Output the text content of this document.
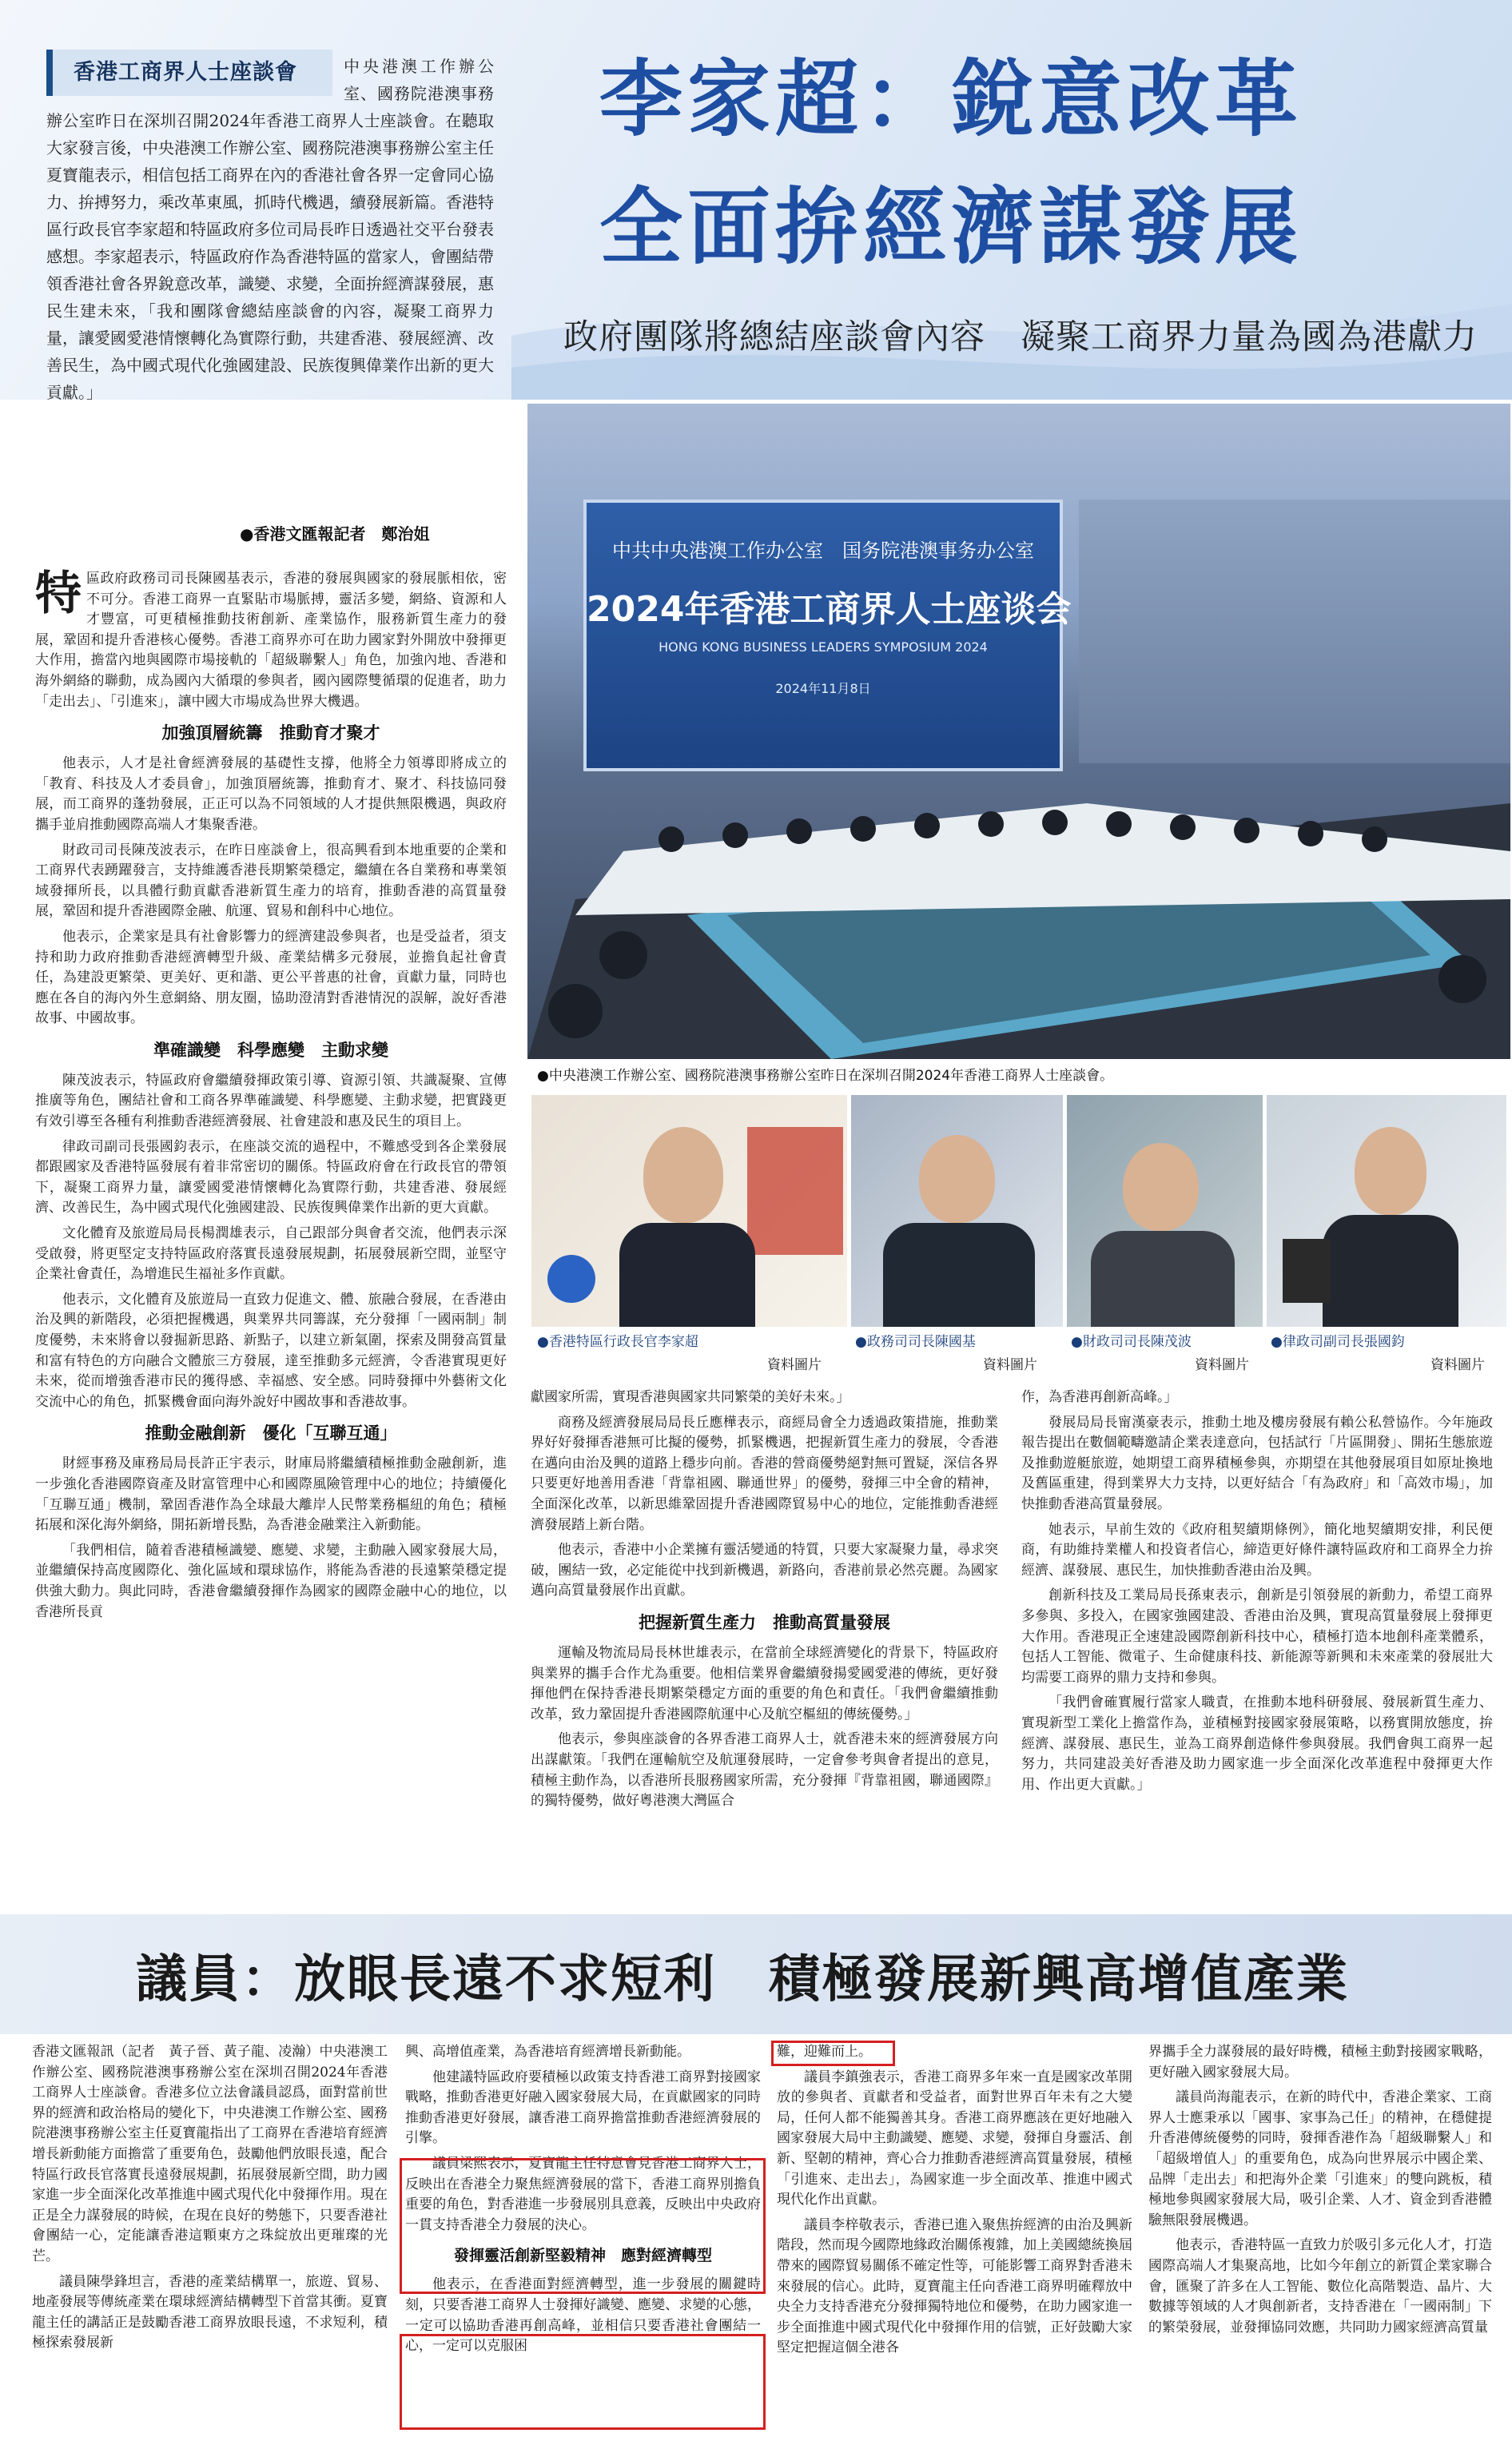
香港工商界人士座談會	中央港澳工作辦公室、國務院港澳事務辦公室昨日在深圳召開2024年香港工商界人士座談會。在聽取大家發言後，中央港澳工作辦公室、國務院港澳事務辦公室主任夏寶龍表示，相信包括工商界在內的香港社會各界一定會同心協力、拚搏努力，乘改革東風，抓時代機遇，續發展新篇。香港特區行政長官李家超和特區政府多位司局長昨日透過社交平台發表感想。李家超表示，特區政府作為香港特區的當家人，會團結帶領香港社會各界銳意改革，識變、求變，全面拚經濟謀發展，惠民生建未來，「我和團隊會總結座談會的內容，凝聚工商界力量，讓愛國愛港情懷轉化為實際行動，共建香港、發展經濟、改善民生，為中國式現代化強國建設、民族復興偉業作出新的更大貢獻。」
●香港文匯報記者　鄭治姐
李家超：銳意改革
全面拚經濟謀發展
政府團隊將總結座談會內容　凝聚工商界力量為國為港獻力
中共中央港澳工作办公室　国务院港澳事务办公室
2024年香港工商界人士座谈会
HONG KONG BUSINESS LEADERS SYMPOSIUM 2024
2024年11月8日
●中央港澳工作辦公室、國務院港澳事務辦公室昨日在深圳召開2024年香港工商界人士座談會。
●香港特區行政長官李家超
資料圖片
●政務司司長陳國基
資料圖片
●財政司司長陳茂波
資料圖片
●律政司副司長張國鈞
資料圖片

特區政府政務司司長陳國基表示，香港的發展與國家的發展脈相依，密不可分。香港工商界一直緊貼市場脈搏，靈活多變，網絡、資源和人才豐富，可更積極推動技術創新、產業協作，服務新質生產力的發展，鞏固和提升香港核心優勢。香港工商界亦可在助力國家對外開放中發揮更大作用，擔當內地與國際市場接軌的「超級聯繫人」角色，加強內地、香港和海外網絡的聯動，成為國內大循環的參與者，國內國際雙循環的促進者，助力「走出去」、「引進來」，讓中國大市場成為世界大機遇。

加強頂層統籌　推動育才聚才

他表示，人才是社會經濟發展的基礎性支撐，他將全力領導即將成立的「教育、科技及人才委員會」，加強頂層統籌，推動育才、聚才、科技協同發展，而工商界的蓬勃發展，正正可以為不同領域的人才提供無限機遇，與政府攜手並肩推動國際高端人才集聚香港。

財政司司長陳茂波表示，在昨日座談會上，很高興看到本地重要的企業和工商界代表踴躍發言，支持維護香港長期繁榮穩定，繼續在各自業務和專業領域發揮所長，以具體行動貢獻香港新質生產力的培育，推動香港的高質量發展，鞏固和提升香港國際金融、航運、貿易和創科中心地位。

他表示，企業家是具有社會影響力的經濟建設參與者，也是受益者，須支持和助力政府推動香港經濟轉型升級、產業結構多元發展，並擔負起社會責任，為建設更繁榮、更美好、更和諧、更公平普惠的社會，貢獻力量，同時也應在各自的海內外生意網絡、朋友圈，協助澄清對香港情況的誤解，說好香港故事、中國故事。

準確識變　科學應變　主動求變

陳茂波表示，特區政府會繼續發揮政策引導、資源引領、共識凝聚、宣傳推廣等角色，團結社會和工商各界準確識變、科學應變、主動求變，把實踐更有效引導至各種有利推動香港經濟發展、社會建設和惠及民生的項目上。

律政司副司長張國鈞表示，在座談交流的過程中，不難感受到各企業發展都跟國家及香港特區發展有着非常密切的關係。特區政府會在行政長官的帶領下，凝聚工商界力量，讓愛國愛港情懷轉化為實際行動，共建香港、發展經濟、改善民生，為中國式現代化強國建設、民族復興偉業作出新的更大貢獻。

文化體育及旅遊局局長楊潤雄表示，自己跟部分與會者交流，他們表示深受啟發，將更堅定支持特區政府落實長遠發展規劃，拓展發展新空間，並堅守企業社會責任，為增進民生福祉多作貢獻。

他表示，文化體育及旅遊局一直致力促進文、體、旅融合發展，在香港由治及興的新階段，必須把握機遇，與業界共同籌謀，充分發揮「一國兩制」制度優勢，未來將會以發掘新思路、新點子，以建立新氣圍，探索及開發高質量和富有特色的方向融合文體旅三方發展，達至推動多元經濟，令香港實現更好未來，從而增強香港市民的獲得感、幸福感、安全感。同時發揮中外藝術文化交流中心的角色，抓緊機會面向海外說好中國故事和香港故事。

推動金融創新　優化「互聯互通」

財經事務及庫務局局長許正宇表示，財庫局將繼續積極推動金融創新，進一步強化香港國際資產及財富管理中心和國際風險管理中心的地位；持續優化「互聯互通」機制，鞏固香港作為全球最大離岸人民幣業務樞紐的角色；積極拓展和深化海外網絡，開拓新增長點，為香港金融業注入新動能。

「我們相信，隨着香港積極識變、應變、求變，主動融入國家發展大局，並繼續保持高度國際化、強化區域和環球協作，將能為香港的長遠繁榮穩定提供強大動力。與此同時，香港會繼續發揮作為國家的國際金融中心的地位，以香港所長貢

獻國家所需，實現香港與國家共同繁榮的美好未來。」

商務及經濟發展局局長丘應樺表示，商經局會全力透過政策措施，推動業界好好發揮香港無可比擬的優勢，抓緊機遇，把握新質生產力的發展，令香港在邁向由治及興的道路上穩步向前。香港的營商優勢絕對無可置疑，深信各界只要更好地善用香港「背靠祖國、聯通世界」的優勢，發揮三中全會的精神，全面深化改革，以新思維鞏固提升香港國際貿易中心的地位，定能推動香港經濟發展踏上新台階。

他表示，香港中小企業擁有靈活變通的特質，只要大家凝聚力量，尋求突破，團結一致，必定能從中找到新機遇，新路向，香港前景必然亮麗。為國家邁向高質量發展作出貢獻。

把握新質生產力　推動高質量發展

運輸及物流局局長林世雄表示，在當前全球經濟變化的背景下，特區政府與業界的攜手合作尤為重要。他相信業界會繼續發揚愛國愛港的傳統，更好發揮他們在保持香港長期繁榮穩定方面的重要的角色和責任。「我們會繼續推動改革，致力鞏固提升香港國際航運中心及航空樞紐的傳統優勢。」

他表示，參與座談會的各界香港工商界人士，就香港未來的經濟發展方向出謀獻策。「我們在運輸航空及航運發展時，一定會參考與會者提出的意見，積極主動作為，以香港所長服務國家所需，充分發揮『背靠祖國，聯通國際』的獨特優勢，做好粵港澳大灣區合

作，為香港再創新高峰。」

發展局局長甯漢豪表示，推動土地及樓房發展有賴公私營協作。今年施政報告提出在數個範疇邀請企業表達意向，包括試行「片區開發」、開拓生態旅遊及推動遊艇旅遊，她期望工商界積極參與，亦期望在其他發展項目如原址換地及舊區重建，得到業界大力支持，以更好結合「有為政府」和「高效市場」，加快推動香港高質量發展。

她表示，早前生效的《政府租契續期條例》，簡化地契續期安排，利民便商，有助維持業權人和投資者信心，締造更好條件讓特區政府和工商界全力拚經濟、謀發展、惠民生，加快推動香港由治及興。

創新科技及工業局局長孫東表示，創新是引領發展的新動力，希望工商界多參與、多投入，在國家強國建設、香港由治及興，實現高質量發展上發揮更大作用。香港現正全速建設國際創新科技中心，積極打造本地創科產業體系，包括人工智能、微電子、生命健康科技、新能源等新興和未來產業的發展壯大均需要工商界的鼎力支持和參與。

「我們會確實履行當家人職責，在推動本地科研發展、發展新質生產力、實現新型工業化上擔當作為，並積極對接國家發展策略，以務實開放態度，拚經濟、謀發展、惠民生，並為工商界創造條件參與發展。我們會與工商界一起努力，共同建設美好香港及助力國家進一步全面深化改革進程中發揮更大作用、作出更大貢獻。」

議員：放眼長遠不求短利　積極發展新興高增值產業

香港文匯報訊（記者　黃子晉、黃子龍、凌瀚）中央港澳工作辦公室、國務院港澳事務辦公室在深圳召開2024年香港工商界人士座談會。香港多位立法會議員認爲，面對當前世界的經濟和政治格局的變化下，中央港澳工作辦公室、國務院港澳事務辦公室主任夏寶龍指出了工商界在香港培育經濟增長新動能方面擔當了重要角色，鼓勵他們放眼長遠，配合特區行政長官落實長遠發展規劃，拓展發展新空間，助力國家進一步全面深化改革推進中國式現代化中發揮作用。現在正是全力謀發展的時候，在現在良好的勢態下，只要香港社會團結一心，定能讓香港這顆東方之珠綻放出更璀璨的光芒。

議員陳學鋒坦言，香港的產業結構單一，旅遊、貿易、地產發展等傳統產業在環球經濟結構轉型下首當其衝。夏寶龍主任的講話正是鼓勵香港工商界放眼長遠，不求短利，積極探索發展新

興、高增值產業，為香港培育經濟增長新動能。

他建議特區政府要積極以政策支持香港工商界對接國家戰略，推動香港更好融入國家發展大局，在貢獻國家的同時推動香港更好發展，讓香港工商界擔當推動香港經濟發展的引擎。

議員梁熙表示，夏寶龍主任特意會見香港工商界人士，反映出在香港全力聚焦經濟發展的當下，香港工商界別擔負重要的角色，對香港進一步發展別具意義，反映出中央政府一貫支持香港全力發展的決心。

發揮靈活創新堅毅精神　應對經濟轉型

他表示，在香港面對經濟轉型，進一步發展的關鍵時刻，只要香港工商界人士發揮好識變、應變、求變的心態，一定可以協助香港再創高峰，並相信只要香港社會團結一心，一定可以克服困

難，迎難而上。

議員李鎮強表示，香港工商界多年來一直是國家改革開放的參與者、貢獻者和受益者，面對世界百年未有之大變局，任何人都不能獨善其身。香港工商界應該在更好地融入國家發展大局中主動識變、應變、求變，發揮自身靈活、創新、堅韌的精神，齊心合力推動香港經濟高質量發展，積極「引進來、走出去」，為國家進一步全面改革、推進中國式現代化作出貢獻。

議員李梓敬表示，香港已進入聚焦拚經濟的由治及興新階段，然而現今國際地緣政治關係複雜，加上美國總統換屆帶來的國際貿易關係不確定性等，可能影響工商界對香港未來發展的信心。此時，夏寶龍主任向香港工商界明確釋放中央全力支持香港充分發揮獨特地位和優勢，在助力國家進一步全面推進中國式現代化中發揮作用的信號，正好鼓勵大家堅定把握這個全港各

界攜手全力謀發展的最好時機，積極主動對接國家戰略，更好融入國家發展大局。

議員尚海龍表示，在新的時代中，香港企業家、工商界人士應秉承以「國事、家事為己任」的精神，在穩健提升香港傳統優勢的同時，發揮香港作為「超級聯繫人」和「超級增值人」的重要角色，成為向世界展示中國企業、品牌「走出去」和把海外企業「引進來」的雙向跳板，積極地參與國家發展大局，吸引企業、人才、資金到香港體驗無限發展機遇。

他表示，香港特區一直致力於吸引多元化人才，打造國際高端人才集聚高地，比如今年創立的新質企業家聯合會，匯聚了許多在人工智能、數位化高階製造、晶片、大數據等領域的人才與創新者，支持香港在「一國兩制」下的繁榮發展，並發揮協同效應，共同助力國家經濟高質量
